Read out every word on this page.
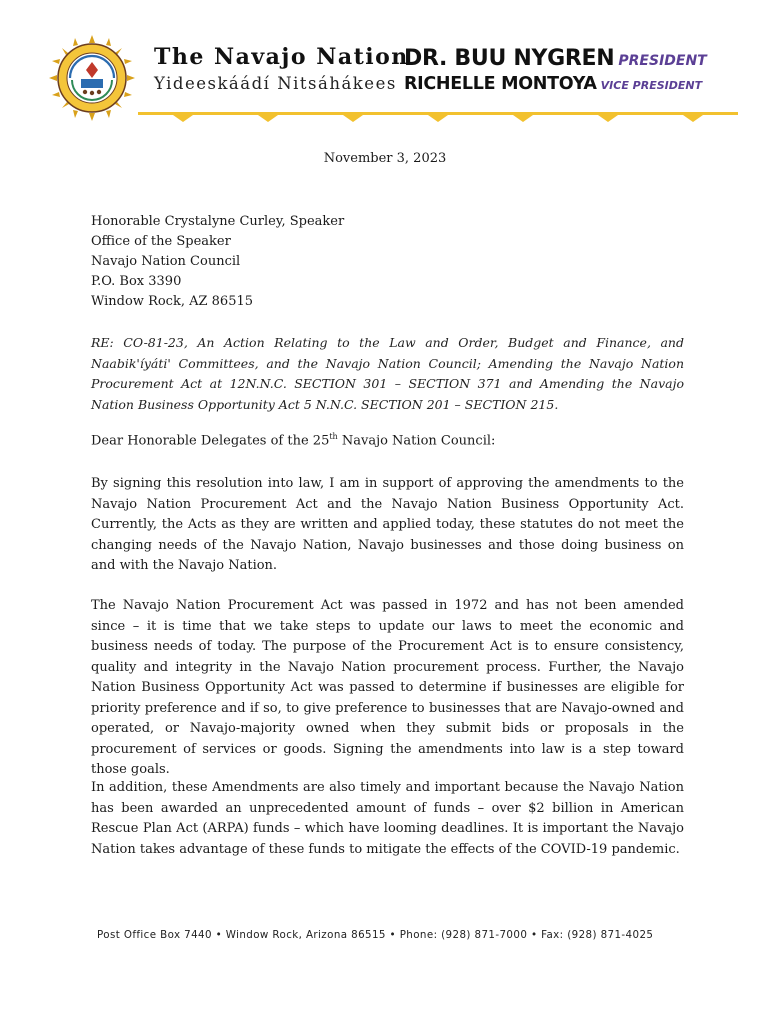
The Navajo Nation
Yideeskáádí Nitsáhákees
DR. BUU NYGREN PRESIDENT
RICHELLE MONTOYA VICE PRESIDENT
November 3, 2023
Honorable Crystalyne Curley, Speaker
Office of the Speaker
Navajo Nation Council
P.O. Box 3390
Window Rock, AZ 86515
RE: CO-81-23, An Action Relating to the Law and Order, Budget and Finance, and Naabik'íyáti' Committees, and the Navajo Nation Council; Amending the Navajo Nation Procurement Act at 12N.N.C. SECTION 301 – SECTION 371 and Amending the Navajo Nation Business Opportunity Act 5 N.N.C. SECTION 201 – SECTION 215.
Dear Honorable Delegates of the 25th Navajo Nation Council:

By signing this resolution into law, I am in support of approving the amendments to the Navajo Nation Procurement Act and the Navajo Nation Business Opportunity Act. Currently, the Acts as they are written and applied today, these statutes do not meet the changing needs of the Navajo Nation, Navajo businesses and those doing business on and with the Navajo Nation.

The Navajo Nation Procurement Act was passed in 1972 and has not been amended since – it is time that we take steps to update our laws to meet the economic and business needs of today. The purpose of the Procurement Act is to ensure consistency, quality and integrity in the Navajo Nation procurement process. Further, the Navajo Nation Business Opportunity Act was passed to determine if businesses are eligible for priority preference and if so, to give preference to businesses that are Navajo-owned and operated, or Navajo-majority owned when they submit bids or proposals in the procurement of services or goods. Signing the amendments into law is a step toward those goals.

In addition, these Amendments are also timely and important because the Navajo Nation has been awarded an unprecedented amount of funds – over $2 billion in American Rescue Plan Act (ARPA) funds – which have looming deadlines. It is important the Navajo Nation takes advantage of these funds to mitigate the effects of the COVID-19 pandemic.

Post Office Box 7440 • Window Rock, Arizona 86515 • Phone: (928) 871-7000 • Fax: (928) 871-4025
